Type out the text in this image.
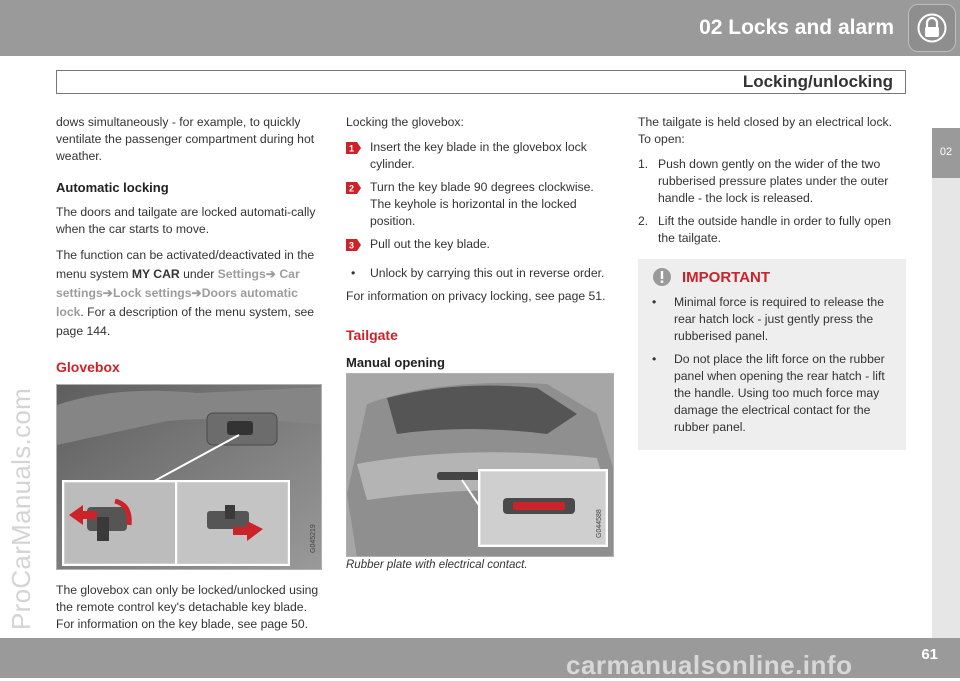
02 Locks and alarm
Locking/unlocking
02

dows simultaneously - for example, to quickly ventilate the passenger compartment during hot weather.

Automatic locking

The doors and tailgate are locked automati-cally when the car starts to move.

The function can be activated/deactivated in the menu system MY CAR under Settings➔ Car settings➔Lock settings➔Doors automatic lock. For a description of the menu system, see page 144.

Glovebox

G045219

The glovebox can only be locked/unlocked using the remote control key's detachable key blade. For information on the key blade, see page 50.

Locking the glovebox:

1 Insert the key blade in the glovebox lock cylinder.
2 Turn the key blade 90 degrees clockwise. The keyhole is horizontal in the locked position.
3 Pull out the key blade.
• Unlock by carrying this out in reverse order.

For information on privacy locking, see page 51.

Tailgate

Manual opening

G044588

Rubber plate with electrical contact.

The tailgate is held closed by an electrical lock. To open:

1. Push down gently on the wider of the two rubberised pressure plates under the outer handle - the lock is released.
2. Lift the outside handle in order to fully open the tailgate.
IMPORTANT
• Minimal force is required to release the rear hatch lock - just gently press the rubberised panel.
• Do not place the lift force on the rubber panel when opening the rear hatch - lift the handle. Using too much force may damage the electrical contact for the rubber panel.
61
ProCarManuals.com
carmanualsonline.info
